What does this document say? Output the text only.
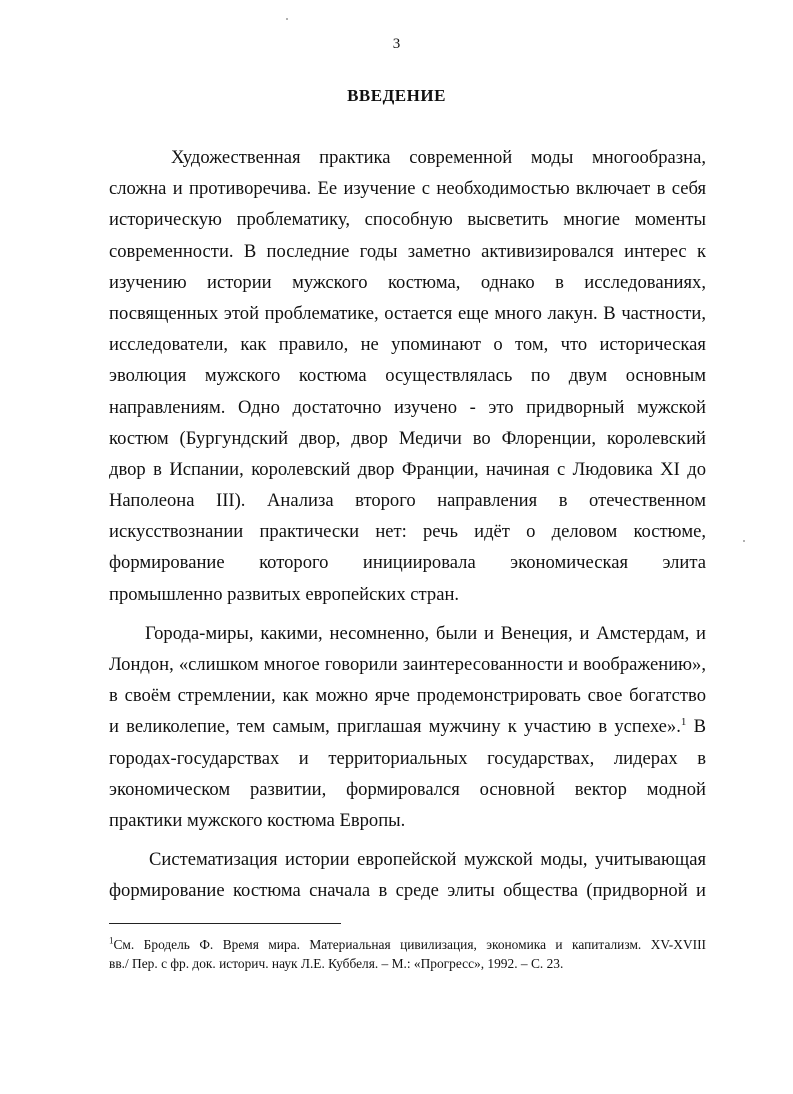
3
ВВЕДЕНИЕ
Художественная практика современной моды многообразна,
сложна и противоречива. Ее изучение с необходимостью включает в себя
историческую проблематику, способную высветить многие моменты
современности. В последние годы заметно активизировался интерес к
изучению истории мужского костюма, однако в исследованиях,
посвященных этой проблематике, остается еще много лакун. В частности,
исследователи, как правило, не упоминают о том, что историческая
эволюция мужского костюма осуществлялась по двум основным
направлениям. Одно достаточно изучено - это придворный мужской
костюм (Бургундский двор, двор Медичи во Флоренции, королевский
двор в Испании, королевский двор Франции, начиная с Людовика XI до
Наполеона III). Анализа второго направления в отечественном
искусствознании практически нет: речь идёт о деловом костюме,
формирование которого инициировала экономическая элита
промышленно развитых европейских стран.
Города-миры, какими, несомненно, были и Венеция, и Амстердам, и
Лондон, «слишком многое говорили заинтересованности и воображению»,
в своём стремлении, как можно ярче продемонстрировать свое богатство
и великолепие, тем самым, приглашая мужчину к участию в успехе».$^1$ В
городах-государствах и территориальных государствах, лидерах в
экономическом развитии, формировался основной вектор модной
практики мужского костюма Европы.
Систематизация истории европейской мужской моды, учитывающая
формирование костюма сначала в среде элиты общества (придворной и
$^1$См. Бродель Ф. Время мира. Материальная цивилизация, экономика и капитализм. XV-XVIII
вв./ Пер. с фр. док. историч. наук Л.Е. Куббеля. – М.: «Прогресс», 1992. – С. 23.
